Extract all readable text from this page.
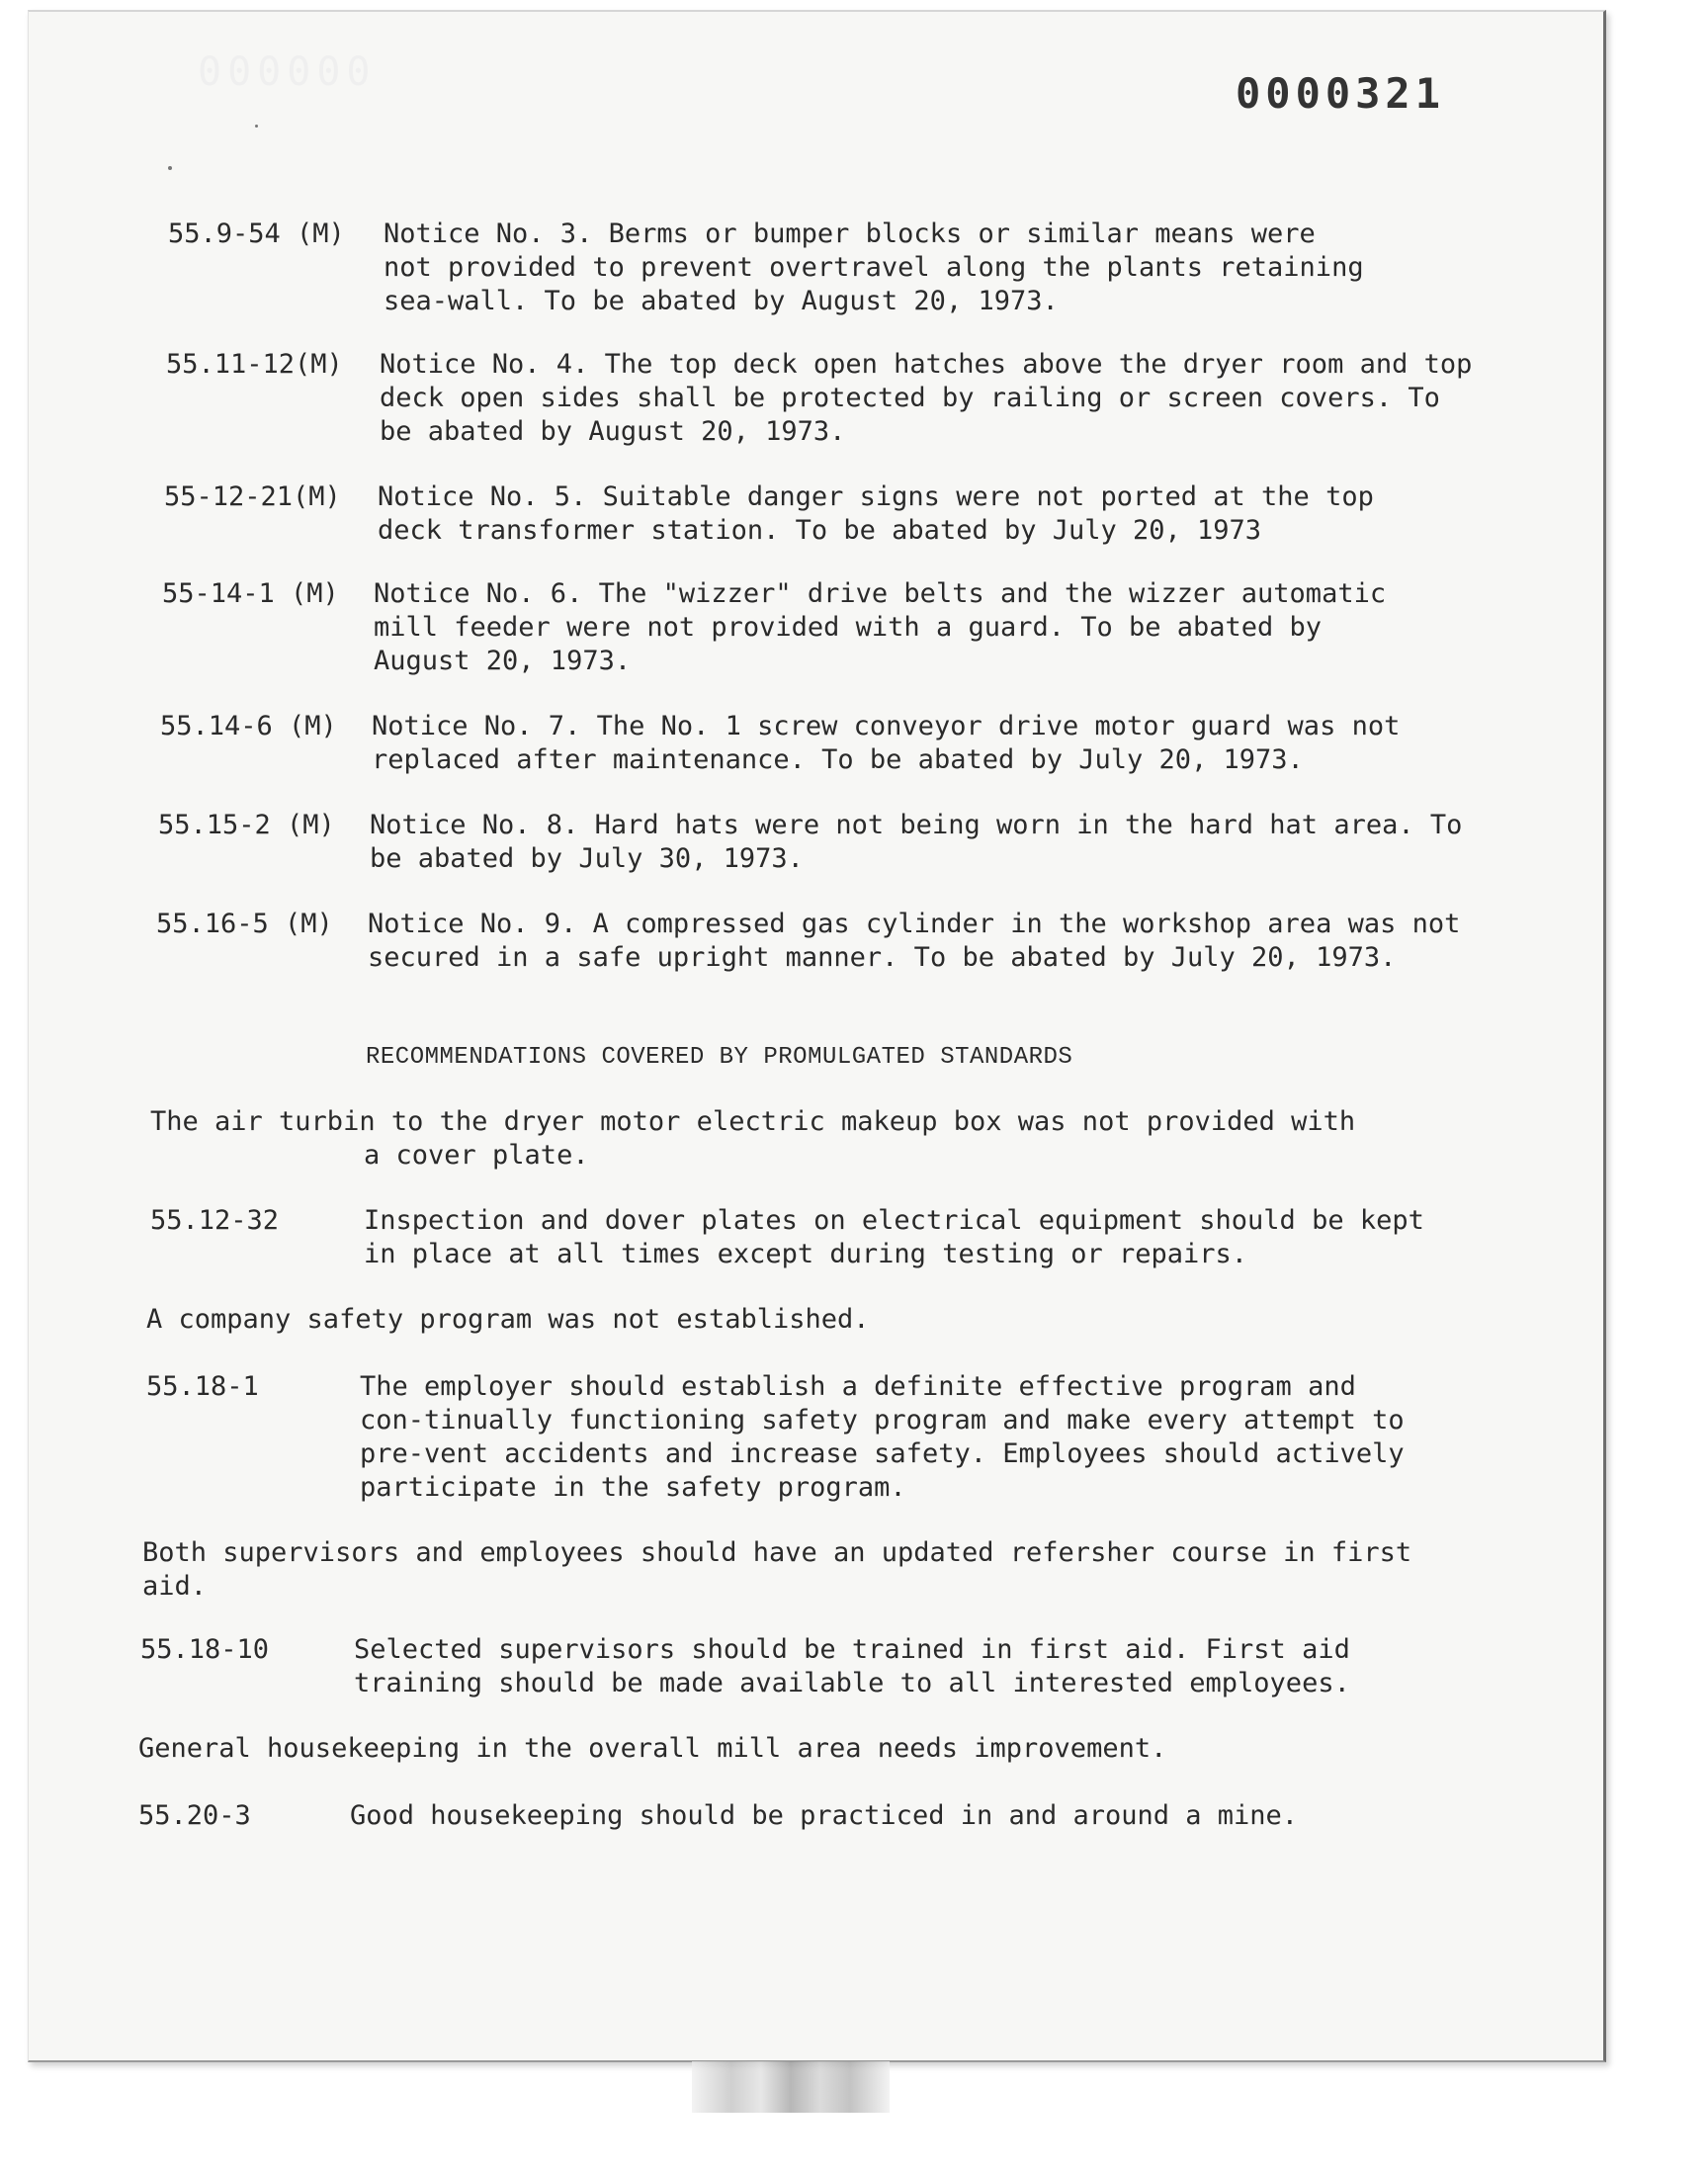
000000	0000321
55.9-54 (M) Notice No. 3. Berms or bumper blocks or similar means were not provided to prevent overtravel along the plants retaining sea-wall. To be abated by August 20, 1973.
55.11-12(M) Notice No. 4. The top deck open hatches above the dryer room and top deck open sides shall be protected by railing or screen covers. To be abated by August 20, 1973.
55-12-21(M) Notice No. 5. Suitable danger signs were not ported at the top deck transformer station. To be abated by July 20, 1973
55-14-1 (M) Notice No. 6. The "wizzer" drive belts and the wizzer automatic mill feeder were not provided with a guard. To be abated by August 20, 1973.
55.14-6 (M) Notice No. 7. The No. 1 screw conveyor drive motor guard was not replaced after maintenance. To be abated by July 20, 1973.
55.15-2 (M) Notice No. 8. Hard hats were not being worn in the hard hat area. To be abated by July 30, 1973.
55.16-5 (M) Notice No. 9. A compressed gas cylinder in the workshop area was not secured in a safe upright manner. To be abated by July 20, 1973.
RECOMMENDATIONS COVERED BY PROMULGATED STANDARDS
The air turbin to the dryer motor electric makeup box was not provided with
a cover plate.
55.12-32	Inspection and dover plates on electrical equipment should be kept in place at all times except during testing or repairs.
A company safety program was not established.
55.18-1	The employer should establish a definite effective program and con-tinually functioning safety program and make every attempt to pre-vent accidents and increase safety. Employees should actively participate in the safety program.
Both supervisors and employees should have an updated refersher course in first aid.
55.18-10	Selected supervisors should be trained in first aid. First aid training should be made available to all interested employees.
General housekeeping in the overall mill area needs improvement.
55.20-3	Good housekeeping should be practiced in and around a mine.
